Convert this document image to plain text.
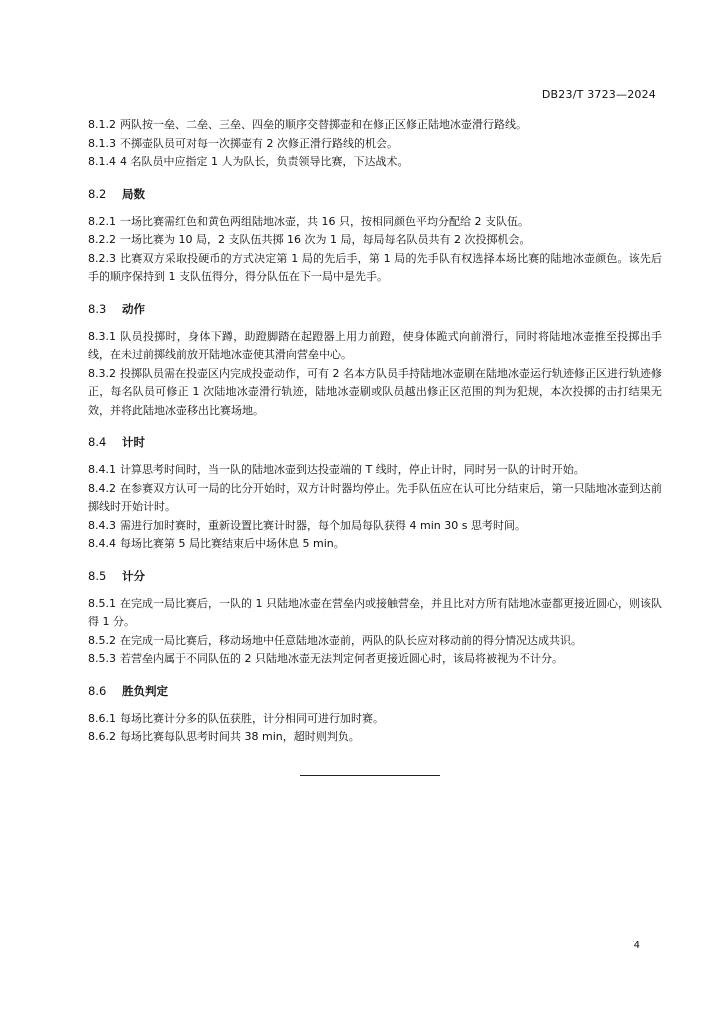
DB23/T 3723—2024

8.1.2 两队按一垒、二垒、三垒、四垒的顺序交替掷壶和在修正区修正陆地冰壶滑行路线。

8.1.3 不掷壶队员可对每一次掷壶有 2 次修正滑行路线的机会。

8.1.4 4 名队员中应指定 1 人为队长，负责领导比赛，下达战术。

8.2 局数

8.2.1 一场比赛需红色和黄色两组陆地冰壶，共 16 只，按相同颜色平均分配给 2 支队伍。

8.2.2 一场比赛为 10 局，2 支队伍共掷 16 次为 1 局，每局每名队员共有 2 次投掷机会。

8.2.3 比赛双方采取投硬币的方式决定第 1 局的先后手，第 1 局的先手队有权选择本场比赛的陆地冰壶颜色。该先后手的顺序保持到 1 支队伍得分，得分队伍在下一局中是先手。

8.3 动作

8.3.1 队员投掷时，身体下蹲，助蹬脚踏在起蹬器上用力前蹬，使身体跪式向前滑行，同时将陆地冰壶推至投掷出手线，在未过前掷线前放开陆地冰壶使其滑向营垒中心。

8.3.2 投掷队员需在投壶区内完成投壶动作，可有 2 名本方队员手持陆地冰壶刷在陆地冰壶运行轨迹修正区进行轨迹修正，每名队员可修正 1 次陆地冰壶滑行轨迹，陆地冰壶刷或队员越出修正区范围的判为犯规，本次投掷的击打结果无效，并将此陆地冰壶移出比赛场地。

8.4 计时

8.4.1 计算思考时间时，当一队的陆地冰壶到达投壶端的 T 线时，停止计时，同时另一队的计时开始。

8.4.2 在参赛双方认可一局的比分开始时，双方计时器均停止。先手队伍应在认可比分结束后，第一只陆地冰壶到达前掷线时开始计时。

8.4.3 需进行加时赛时，重新设置比赛计时器，每个加局每队获得 4 min 30 s 思考时间。

8.4.4 每场比赛第 5 局比赛结束后中场休息 5 min。

8.5 计分

8.5.1 在完成一局比赛后，一队的 1 只陆地冰壶在营垒内或接触营垒，并且比对方所有陆地冰壶都更接近圆心，则该队得 1 分。

8.5.2 在完成一局比赛后，移动场地中任意陆地冰壶前，两队的队长应对移动前的得分情况达成共识。

8.5.3 若营垒内属于不同队伍的 2 只陆地冰壶无法判定何者更接近圆心时，该局将被视为不计分。

8.6 胜负判定

8.6.1 每场比赛计分多的队伍获胜，计分相同可进行加时赛。

8.6.2 每场比赛每队思考时间共 38 min，超时则判负。

4
